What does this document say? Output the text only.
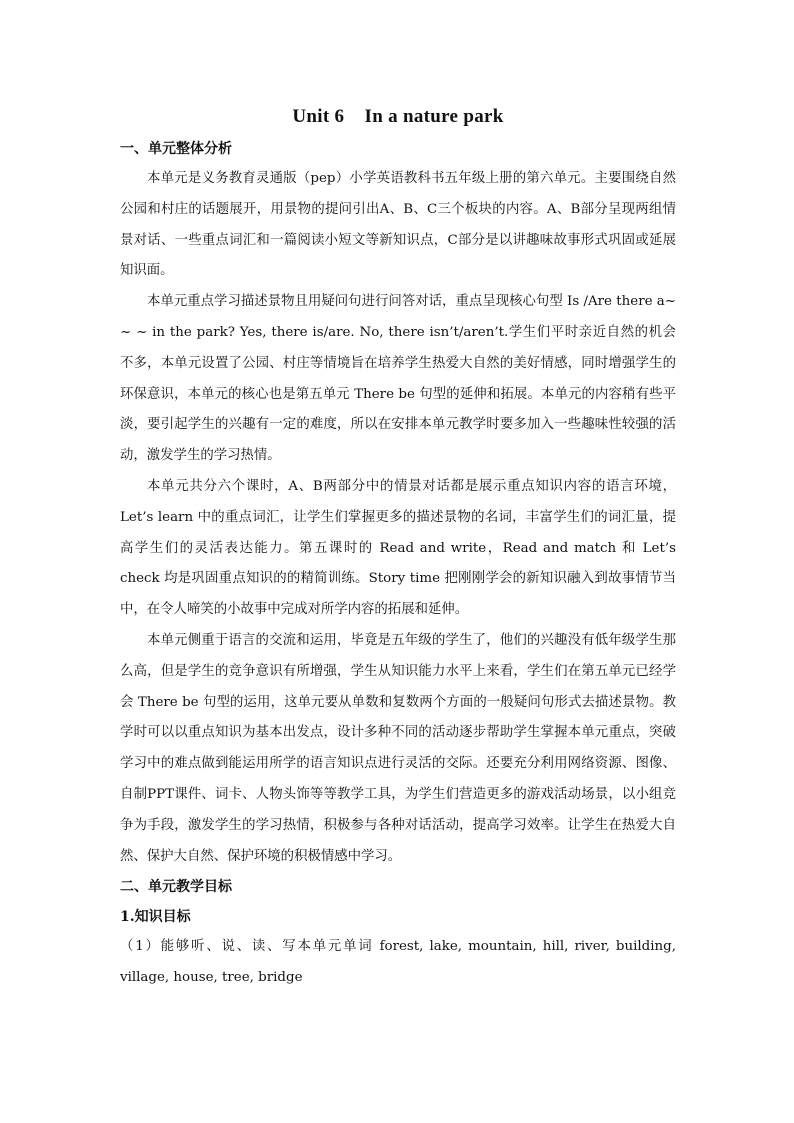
Unit 6    In a nature park
一、单元整体分析

本单元是义务教育灵通版（pep）小学英语教科书五年级上册的第六单元。主要围绕自然公园和村庄的话题展开，用景物的提问引出A、B、C三个板块的内容。A、B部分呈现两组情景对话、一些重点词汇和一篇阅读小短文等新知识点，C部分是以讲趣味故事形式巩固或延展知识面。

本单元重点学习描述景物且用疑问句进行问答对话，重点呈现核心句型 Is /Are there a~ ~ ~ in the park? Yes, there is/are. No, there isn’t/aren’t.学生们平时亲近自然的机会不多，本单元设置了公园、村庄等情境旨在培养学生热爱大自然的美好情感，同时增强学生的环保意识，本单元的核心也是第五单元 There be 句型的延伸和拓展。本单元的内容稍有些平淡，要引起学生的兴趣有一定的难度，所以在安排本单元教学时要多加入一些趣味性较强的活动，激发学生的学习热情。

本单元共分六个课时，A、B两部分中的情景对话都是展示重点知识内容的语言环境，Let’s learn 中的重点词汇，让学生们掌握更多的描述景物的名词，丰富学生们的词汇量，提高学生们的灵活表达能力。第五课时的 Read and write，Read and match 和 Let’s check 均是巩固重点知识的的精简训练。Story time 把刚刚学会的新知识融入到故事情节当中，在令人啼笑的小故事中完成对所学内容的拓展和延伸。

本单元侧重于语言的交流和运用，毕竟是五年级的学生了，他们的兴趣没有低年级学生那么高，但是学生的竞争意识有所增强，学生从知识能力水平上来看，学生们在第五单元已经学会 There be 句型的运用，这单元要从单数和复数两个方面的一般疑问句形式去描述景物。教学时可以以重点知识为基本出发点，设计多种不同的活动逐步帮助学生掌握本单元重点，突破学习中的难点做到能运用所学的语言知识点进行灵活的交际。还要充分利用网络资源、图像、自制PPT课件、词卡、人物头饰等等教学工具，为学生们营造更多的游戏活动场景，以小组竞争为手段，激发学生的学习热情，积极参与各种对话活动，提高学习效率。让学生在热爱大自然、保护大自然、保护环境的积极情感中学习。

二、单元教学目标
1.知识目标

（1）能够听、说、读、写本单元单词 forest, lake, mountain, hill, river, building, village, house, tree, bridge
